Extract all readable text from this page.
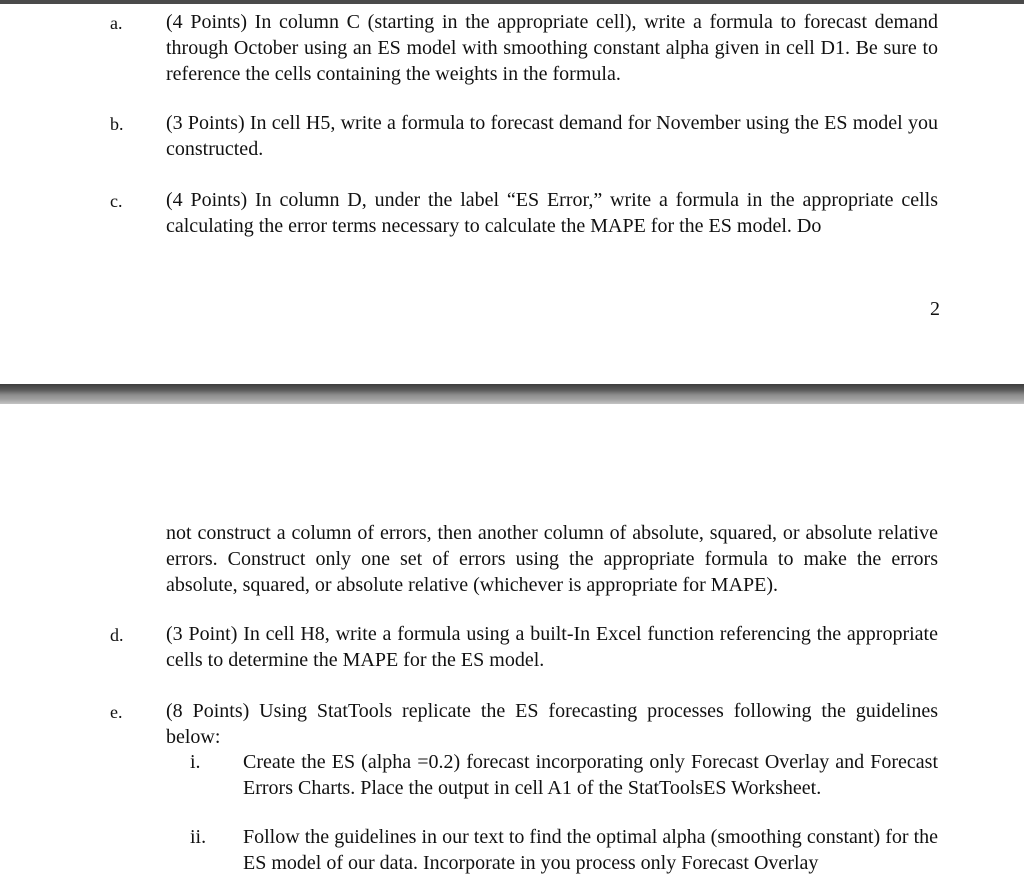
a. (4 Points) In column C (starting in the appropriate cell), write a formula to forecast demand through October using an ES model with smoothing constant alpha given in cell D1. Be sure to reference the cells containing the weights in the formula.
b. (3 Points) In cell H5, write a formula to forecast demand for November using the ES model you constructed.
c. (4 Points) In column D, under the label “ES Error,” write a formula in the appropriate cells calculating the error terms necessary to calculate the MAPE for the ES model. Do
2
not construct a column of errors, then another column of absolute, squared, or absolute relative errors. Construct only one set of errors using the appropriate formula to make the errors absolute, squared, or absolute relative (whichever is appropriate for MAPE).
d. (3 Point) In cell H8, write a formula using a built-In Excel function referencing the appropriate cells to determine the MAPE for the ES model.
e. (8 Points) Using StatTools replicate the ES forecasting processes following the guidelines below:
i. Create the ES (alpha =0.2) forecast incorporating only Forecast Overlay and Forecast Errors Charts. Place the output in cell A1 of the StatToolsES Worksheet.
ii. Follow the guidelines in our text to find the optimal alpha (smoothing constant) for the ES model of our data. Incorporate in you process only Forecast Overlay
